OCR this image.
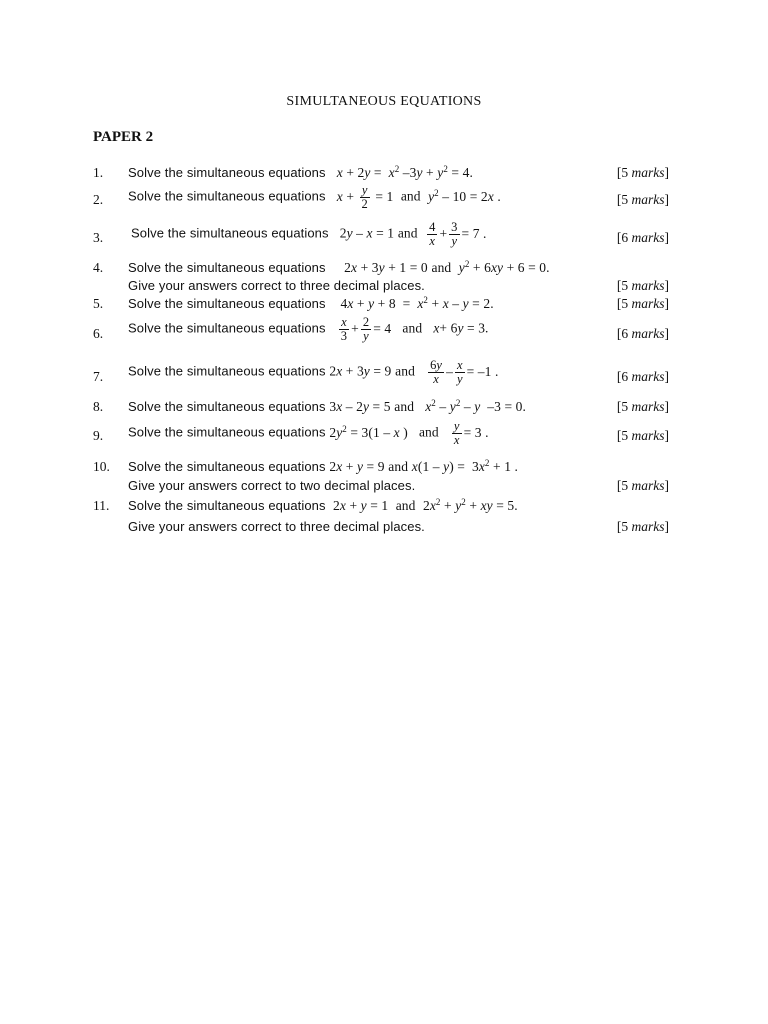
SIMULTANEOUS EQUATIONS
PAPER 2
1. Solve the simultaneous equations $x + 2y = x^2$ $-3y + y^2 = 4$.	[5 marks]
2. Solve the simultaneous equations $x + \frac{y}{2} = 1$ and $y^2 - 10 = 2x$ .	[5 marks]
3. Solve the simultaneous equations 2y – x = 1 and $\frac{4}{x} + \frac{3}{y} = 7$ .	[6 marks]
4. Solve the simultaneous equations 2x + 3y + 1 = 0 and $y^2 + 6xy + 6 = 0$.
Give your answers correct to three decimal places.	[5 marks]
5. Solve the simultaneous equations $4x + y + 8 = x^2 + x - y = 2$.	[5 marks]
6. Solve the simultaneous equations $\frac{x}{3} + \frac{2}{y} = 4$ and x+ 6y = 3.	[6 marks]
7. Solve the simultaneous equations 2x + 3y = 9 and $\frac{6y}{x} - \frac{x}{y} = -1$ .	[6 marks]
8. Solve the simultaneous equations 3x – 2y = 5 and $x^2 - y^2$ – y  –3 = 0.	[5 marks]
9. Solve the simultaneous equations $2y^2 = 3(1 - x$ ) and $\frac{y}{x} = 3$ .	[5 marks]
10. Solve the simultaneous equations 2x + y = 9 and $x(1 - y) = 3x^2 + 1$ .
Give your answers correct to two decimal places.	[5 marks]
11. Solve the simultaneous equations 2x + y = 1 and $2x^2 + y^2$ + xy = 5.
Give your answers correct to three decimal places.	[5 marks]
